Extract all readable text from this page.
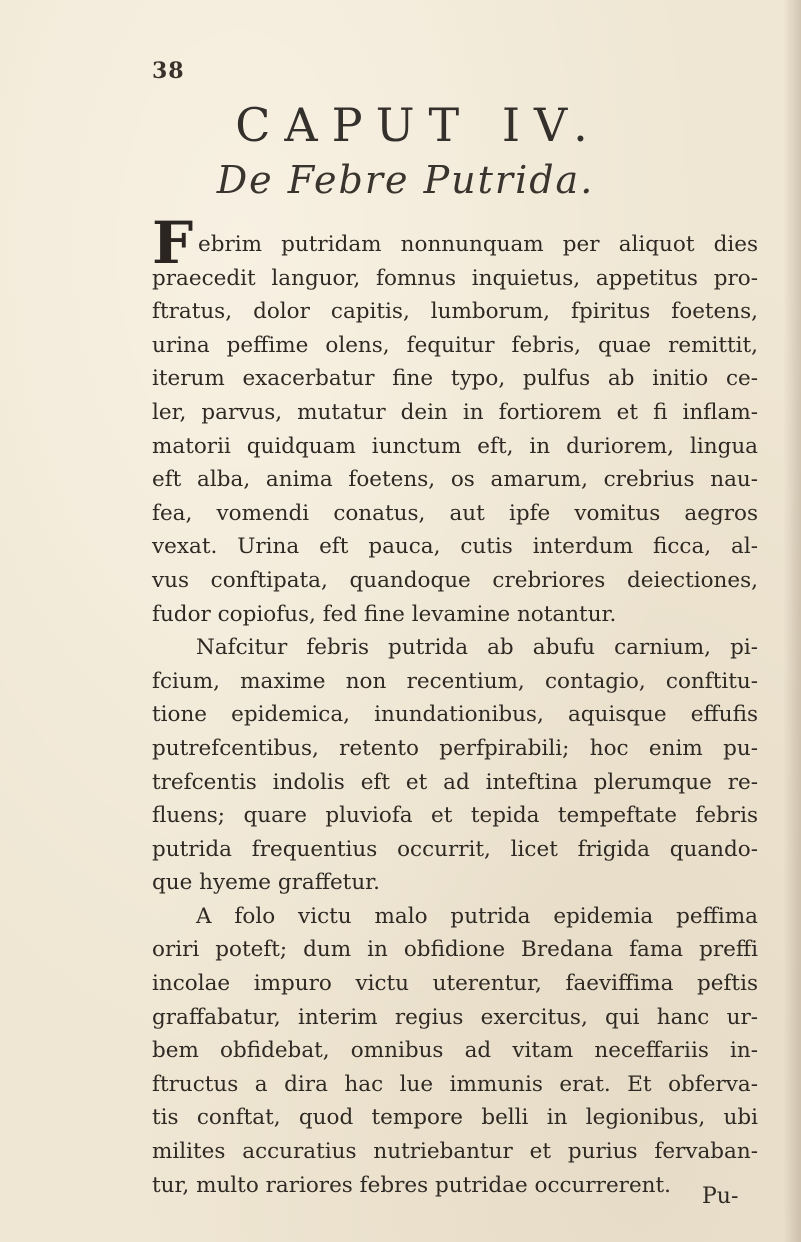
38
CAPUT IV.
De Febre Putrida.
F ebrim putridam nonnunquam per aliquot dies
praecedit languor, fomnus inquietus, appetitus pro-
ftratus, dolor capitis, lumborum, fpiritus foetens,
urina peffime olens, fequitur febris, quae remittit,
iterum exacerbatur fine typo, pulfus ab initio ce-
ler, parvus, mutatur dein in fortiorem et fi inflam-
matorii quidquam iunctum eft, in duriorem, lingua
eft alba, anima foetens, os amarum, crebrius nau-
fea, vomendi conatus, aut ipfe vomitus aegros
vexat. Urina eft pauca, cutis interdum ficca, al-
vus conftipata, quandoque crebriores deiectiones,
fudor copiofus, fed fine levamine notantur.
Nafcitur febris putrida ab abufu carnium, pi-
fcium, maxime non recentium, contagio, conftitu-
tione epidemica, inundationibus, aquisque effufis
putrefcentibus, retento perfpirabili; hoc enim pu-
trefcentis indolis eft et ad inteftina plerumque re-
fluens; quare pluviofa et tepida tempeftate febris
putrida frequentius occurrit, licet frigida quando-
que hyeme graffetur.
A folo victu malo putrida epidemia peffima
oriri poteft; dum in obfidione Bredana fama preffi
incolae impuro victu uterentur, faeviffima peftis
graffabatur, interim regius exercitus, qui hanc ur-
bem obfidebat, omnibus ad vitam neceffariis in-
ftructus a dira hac lue immunis erat. Et obferva-
tis conftat, quod tempore belli in legionibus, ubi
milites accuratius nutriebantur et purius fervaban-
tur, multo rariores febres putridae occurrerent.	Pu-
